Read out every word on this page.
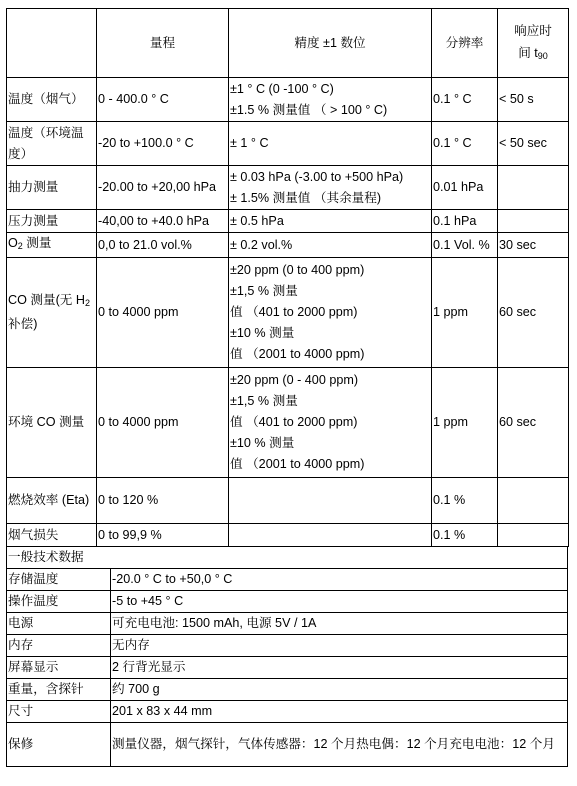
	量程	精度 ±1 数位	分辨率	响应时
间 $t_{90}$

温度（烟气）	0 - 400.0 ° C	±1 ° C (0 -100 ° C)
±1.5 % 测量值 （ > 100 ° C)	0.1 ° C	< 50 s
温度（环境温度）	-20 to +100.0 ° C	± 1 ° C	0.1 ° C	< 50 sec
抽力测量	-20.00 to +20,00 hPa	± 0.03 hPa (-3.00 to +500 hPa)
± 1.5% 测量值 （其余量程)	0.01 hPa	
压力测量	-40,00 to +40.0 hPa	± 0.5 hPa	0.1 hPa	
$O_2$ 测量	0,0 to 21.0 vol.%	± 0.2 vol.%	0.1 Vol. %	30 sec
CO 测量(无 $H_2$ 补偿)	0 to 4000 ppm	±20 ppm (0 to 400 ppm)
±1,5 % 测量
值 （401 to 2000 ppm)
±10 % 测量
值 （2001 to 4000 ppm)	1 ppm	60 sec
环境 CO 测量	0 to 4000 ppm	±20 ppm (0 - 400 ppm)
±1,5 % 测量
值 （401 to 2000 ppm)
±10 % 测量
值 （2001 to 4000 ppm)	1 ppm	60 sec
燃烧效率 (Eta)	0 to 120 %		0.1 %	
烟气损失	0 to 99,9 %		0.1 %	
一般技术数据	
存储温度	-20.0 ° C to +50,0 ° C
操作温度	-5 to +45 ° C
电源	可充电电池: 1500 mAh, 电源 5V / 1A
内存	无内存
屏幕显示	2 行背光显示
重量，含探针	约 700 g
尺寸	201 x 83 x 44 mm
保修	测量仪器，烟气探针，气体传感器：12 个月热电偶：12 个月充电电池：12 个月
